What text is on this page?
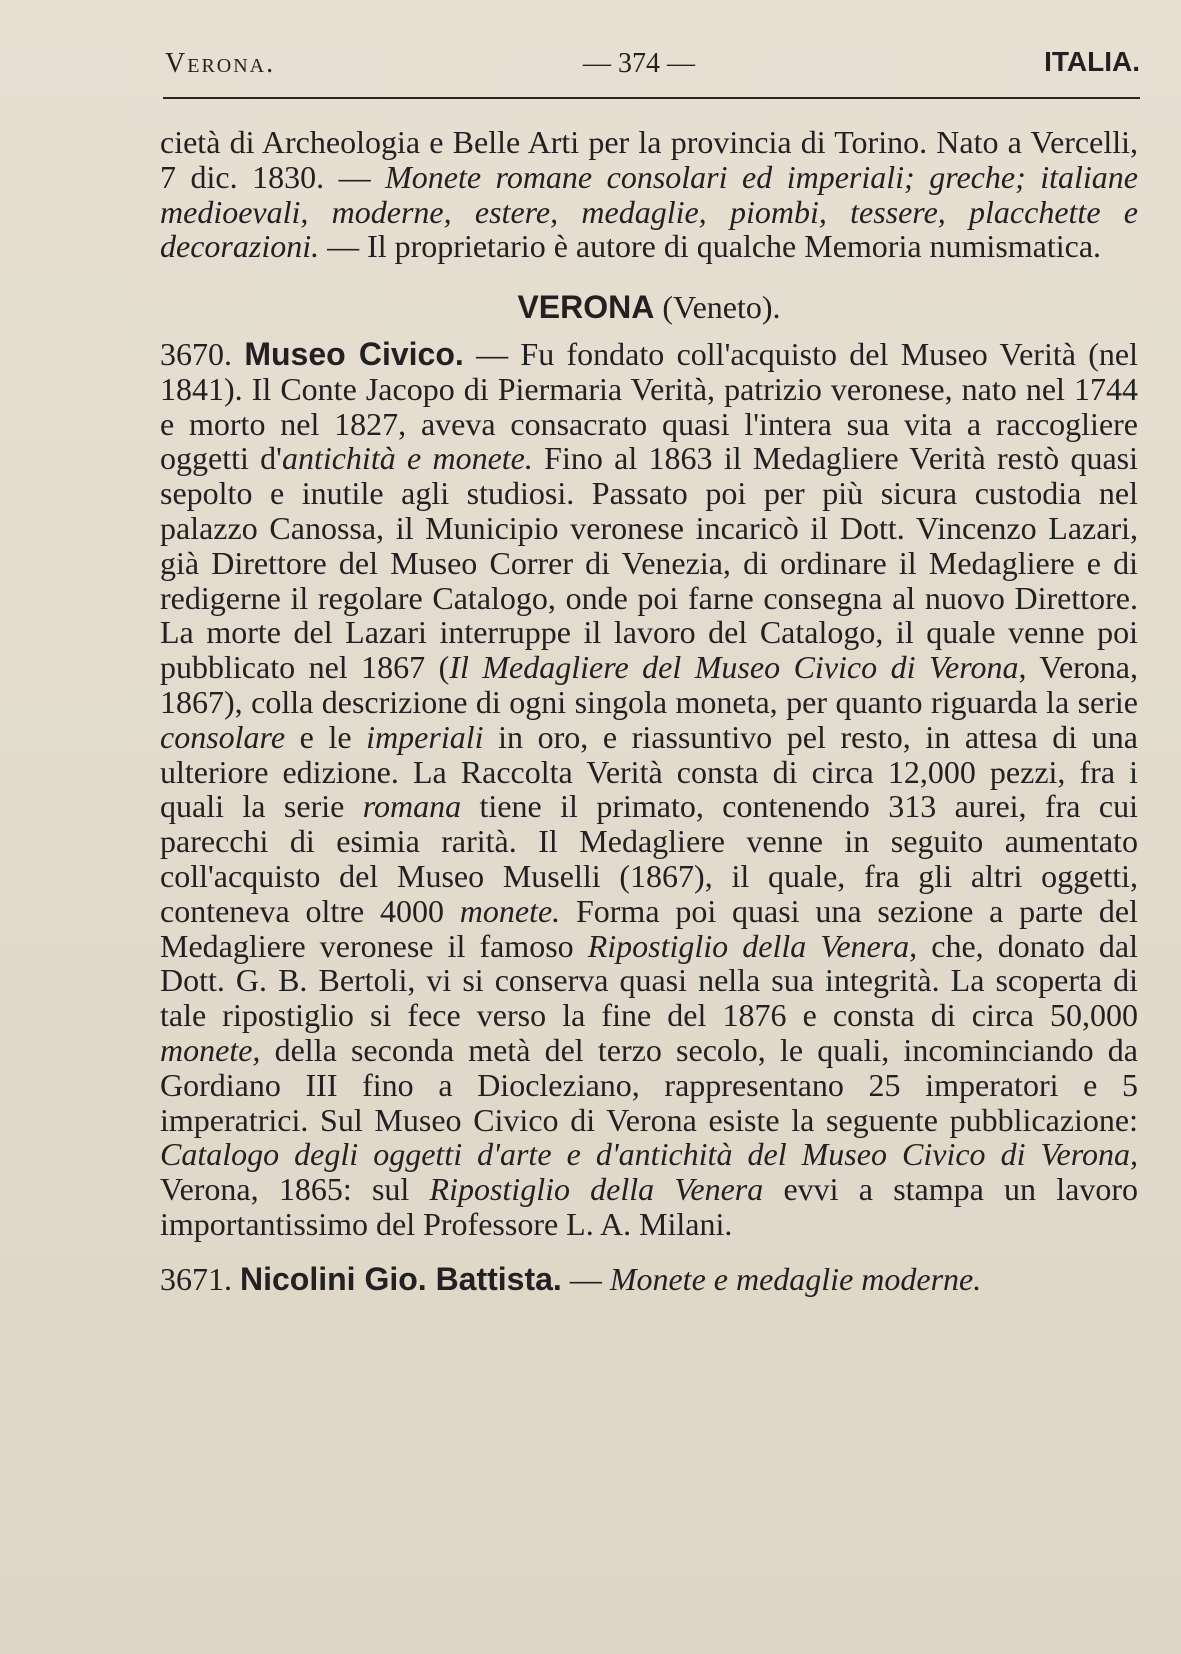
Verona.	— 374 —	ITALIA.

cietà di Archeologia e Belle Arti per la provincia di Torino. Nato a Vercelli, 7 dic. 1830. — Monete romane consolari ed imperiali; greche; italiane medioevali, moderne, estere, medaglie, piombi, tessere, placchette e decorazioni. — Il proprietario è autore di qualche Memoria numismatica.

VERONA (Veneto).

3670. Museo Civico. — Fu fondato coll'acquisto del Museo Verità (nel 1841). Il Conte Jacopo di Piermaria Verità, patrizio veronese, nato nel 1744 e morto nel 1827, aveva consacrato quasi l'intera sua vita a raccogliere oggetti d'antichità e monete. Fino al 1863 il Medagliere Verità restò quasi sepolto e inutile agli studiosi. Passato poi per più sicura custodia nel palazzo Canossa, il Municipio veronese incaricò il Dott. Vincenzo Lazari, già Direttore del Museo Correr di Venezia, di ordinare il Medagliere e di redigerne il regolare Catalogo, onde poi farne consegna al nuovo Direttore. La morte del Lazari interruppe il lavoro del Catalogo, il quale venne poi pubblicato nel 1867 (Il Medagliere del Museo Civico di Verona, Verona, 1867), colla descrizione di ogni singola moneta, per quanto riguarda la serie consolare e le imperiali in oro, e riassuntivo pel resto, in attesa di una ulteriore edizione. La Raccolta Verità consta di circa 12,000 pezzi, fra i quali la serie romana tiene il primato, contenendo 313 aurei, fra cui parecchi di esimia rarità. Il Medagliere venne in seguito aumentato coll'acquisto del Museo Muselli (1867), il quale, fra gli altri oggetti, conteneva oltre 4000 monete. Forma poi quasi una sezione a parte del Medagliere veronese il famoso Ripostiglio della Venera, che, donato dal Dott. G. B. Bertoli, vi si conserva quasi nella sua integrità. La scoperta di tale ripostiglio si fece verso la fine del 1876 e consta di circa 50,000 monete, della seconda metà del terzo secolo, le quali, incominciando da Gordiano III fino a Diocleziano, rappresentano 25 imperatori e 5 imperatrici. Sul Museo Civico di Verona esiste la seguente pubblicazione: Catalogo degli oggetti d'arte e d'antichità del Museo Civico di Verona, Verona, 1865: sul Ripostiglio della Venera evvi a stampa un lavoro importantissimo del Professore L. A. Milani.

3671. Nicolini Gio. Battista. — Monete e medaglie moderne.
